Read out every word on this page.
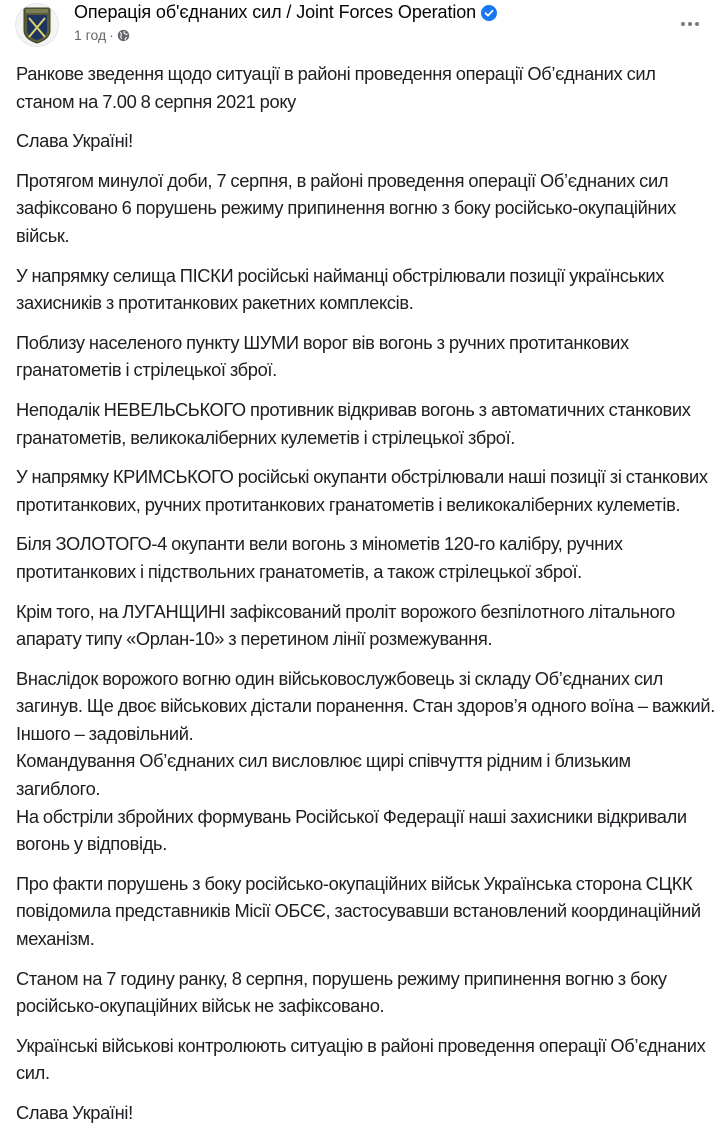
Операція об'єднаних сил / Joint Forces Operation
1 год ·

Ранкове зведення щодо ситуації в районі проведення операції Об’єднаних сил станом на 7.00 8 серпня 2021 року

Слава Україні!

Протягом минулої доби, 7 серпня, в районі проведення операції Об’єднаних сил зафіксовано 6 порушень режиму припинення вогню з боку російсько-окупаційних військ.

У напрямку селища ПІСКИ російські найманці обстрілювали позиції українських захисників з протитанкових ракетних комплексів.

Поблизу населеного пункту ШУМИ ворог вів вогонь з ручних протитанкових гранатометів і стрілецької зброї.

Неподалік НЕВЕЛЬСЬКОГО противник відкривав вогонь з автоматичних станкових гранатометів, великокаліберних кулеметів і стрілецької зброї.

У напрямку КРИМСЬКОГО російські окупанти обстрілювали наші позиції зі станкових протитанкових, ручних протитанкових гранатометів і великокаліберних кулеметів.

Біля ЗОЛОТОГО-4 окупанти вели вогонь з мінометів 120-го калібру, ручних протитанкових і підствольних гранатометів, а також стрілецької зброї.

Крім того, на ЛУГАНЩИНІ зафіксований проліт ворожого безпілотного літального апарату типу «Орлан-10» з перетином лінії розмежування.

Внаслідок ворожого вогню один військовослужбовець зі складу Об’єднаних сил загинув. Ще двоє військових дістали поранення. Стан здоров’я одного воїна – важкий. Іншого – задовільний.

Командування Об’єднаних сил висловлює щирі співчуття рідним і близьким загиблого.

На обстріли збройних формувань Російської Федерації наші захисники відкривали вогонь у відповідь.

Про факти порушень з боку російсько-окупаційних військ Українська сторона СЦКК повідомила представників Місії ОБСЄ, застосувавши встановлений координаційний механізм.

Станом на 7 годину ранку, 8 серпня, порушень режиму припинення вогню з боку російсько-окупаційних військ не зафіксовано.

Українські військові контролюють ситуацію в районі проведення операції Об’єднаних сил.

Слава Україні!
